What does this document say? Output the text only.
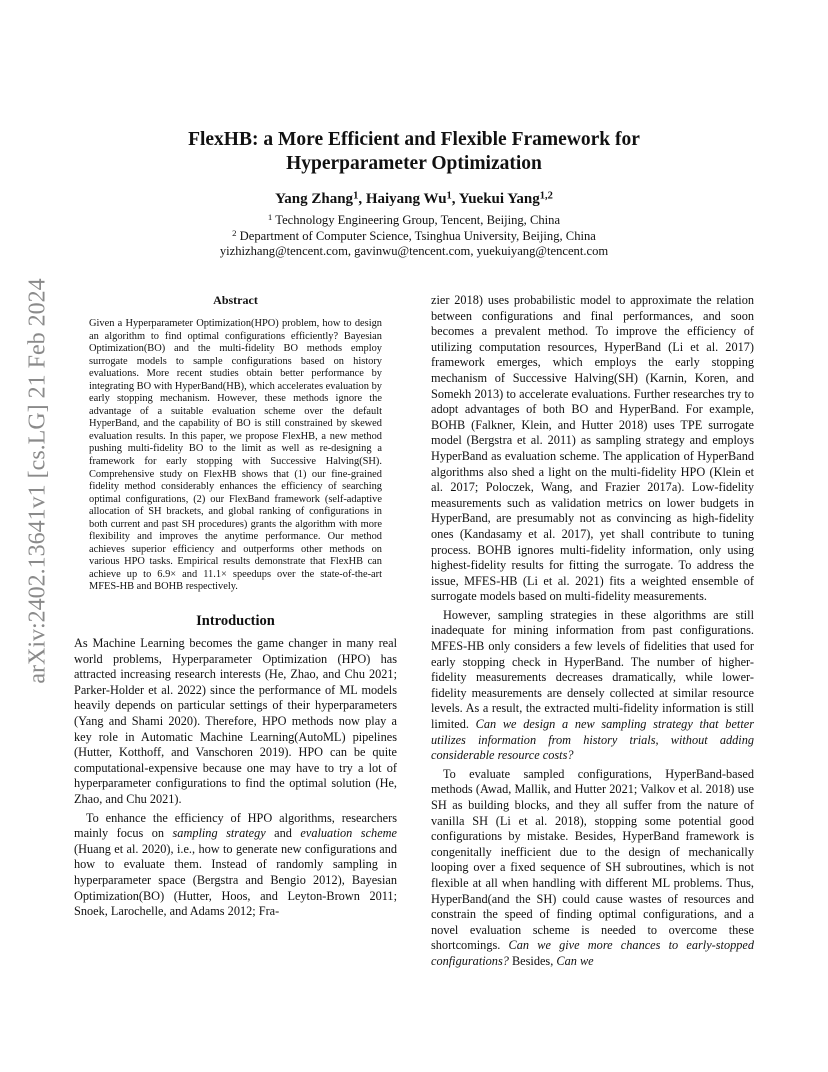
FlexHB: a More Efficient and Flexible Framework for
Hyperparameter Optimization
Yang Zhang$^1$, Haiyang Wu$^1$, Yuekui Yang$^{1,2}$
$^1$ Technology Engineering Group, Tencent, Beijing, China
$^2$ Department of Computer Science, Tsinghua University, Beijing, China
yizhizhang@tencent.com, gavinwu@tencent.com, yuekuiyang@tencent.com
arXiv:2402.13641v1 [cs.LG] 21 Feb 2024	Abstract

Given a Hyperparameter Optimization(HPO) problem, how to design an algorithm to find optimal configurations efficiently? Bayesian Optimization(BO) and the multi-fidelity BO methods employ surrogate models to sample configurations based on history evaluations. More recent studies obtain better performance by integrating BO with HyperBand(HB), which accelerates evaluation by early stopping mechanism. However, these methods ignore the advantage of a suitable evaluation scheme over the default HyperBand, and the capability of BO is still constrained by skewed evaluation results. In this paper, we propose FlexHB, a new method pushing multi-fidelity BO to the limit as well as re-designing a framework for early stopping with Successive Halving(SH). Comprehensive study on FlexHB shows that (1) our fine-grained fidelity method considerably enhances the efficiency of searching optimal configurations, (2) our FlexBand framework (self-adaptive allocation of SH brackets, and global ranking of configurations in both current and past SH procedures) grants the algorithm with more flexibility and improves the anytime performance. Our method achieves superior efficiency and outperforms other methods on various HPO tasks. Empirical results demonstrate that FlexHB can achieve up to 6.9× and 11.1× speedups over the state-of-the-art MFES-HB and BOHB respectively.

Introduction

As Machine Learning becomes the game changer in many real world problems, Hyperparameter Optimization (HPO) has attracted increasing research interests (He, Zhao, and Chu 2021; Parker-Holder et al. 2022) since the performance of ML models heavily depends on particular settings of their hyperparameters (Yang and Shami 2020). Therefore, HPO methods now play a key role in Automatic Machine Learning(AutoML) pipelines (Hutter, Kotthoff, and Vanschoren 2019). HPO can be quite computational-expensive because one may have to try a lot of hyperparameter configurations to find the optimal solution (He, Zhao, and Chu 2021).

To enhance the efficiency of HPO algorithms, researchers mainly focus on sampling strategy and evaluation scheme (Huang et al. 2020), i.e., how to generate new configurations and how to evaluate them. Instead of randomly sampling in hyperparameter space (Bergstra and Bengio 2012), Bayesian Optimization(BO) (Hutter, Hoos, and Leyton-Brown 2011; Snoek, Larochelle, and Adams 2012; Fra-

zier 2018) uses probabilistic model to approximate the relation between configurations and final performances, and soon becomes a prevalent method. To improve the efficiency of utilizing computation resources, HyperBand (Li et al. 2017) framework emerges, which employs the early stopping mechanism of Successive Halving(SH) (Karnin, Koren, and Somekh 2013) to accelerate evaluations. Further researches try to adopt advantages of both BO and HyperBand. For example, BOHB (Falkner, Klein, and Hutter 2018) uses TPE surrogate model (Bergstra et al. 2011) as sampling strategy and employs HyperBand as evaluation scheme. The application of HyperBand algorithms also shed a light on the multi-fidelity HPO (Klein et al. 2017; Poloczek, Wang, and Frazier 2017a). Low-fidelity measurements such as validation metrics on lower budgets in HyperBand, are presumably not as convincing as high-fidelity ones (Kandasamy et al. 2017), yet shall contribute to tuning process. BOHB ignores multi-fidelity information, only using highest-fidelity results for fitting the surrogate. To address the issue, MFES-HB (Li et al. 2021) fits a weighted ensemble of surrogate models based on multi-fidelity measurements.

However, sampling strategies in these algorithms are still inadequate for mining information from past configurations. MFES-HB only considers a few levels of fidelities that used for early stopping check in HyperBand. The number of higher-fidelity measurements decreases dramatically, while lower-fidelity measurements are densely collected at similar resource levels. As a result, the extracted multi-fidelity information is still limited. Can we design a new sampling strategy that better utilizes information from history trials, without adding considerable resource costs?

To evaluate sampled configurations, HyperBand-based methods (Awad, Mallik, and Hutter 2021; Valkov et al. 2018) use SH as building blocks, and they all suffer from the nature of vanilla SH (Li et al. 2018), stopping some potential good configurations by mistake. Besides, HyperBand framework is congenitally inefficient due to the design of mechanically looping over a fixed sequence of SH subroutines, which is not flexible at all when handling with different ML problems. Thus, HyperBand(and the SH) could cause wastes of resources and constrain the speed of finding optimal configurations, and a novel evaluation scheme is needed to overcome these shortcomings. Can we give more chances to early-stopped configurations? Besides, Can we
